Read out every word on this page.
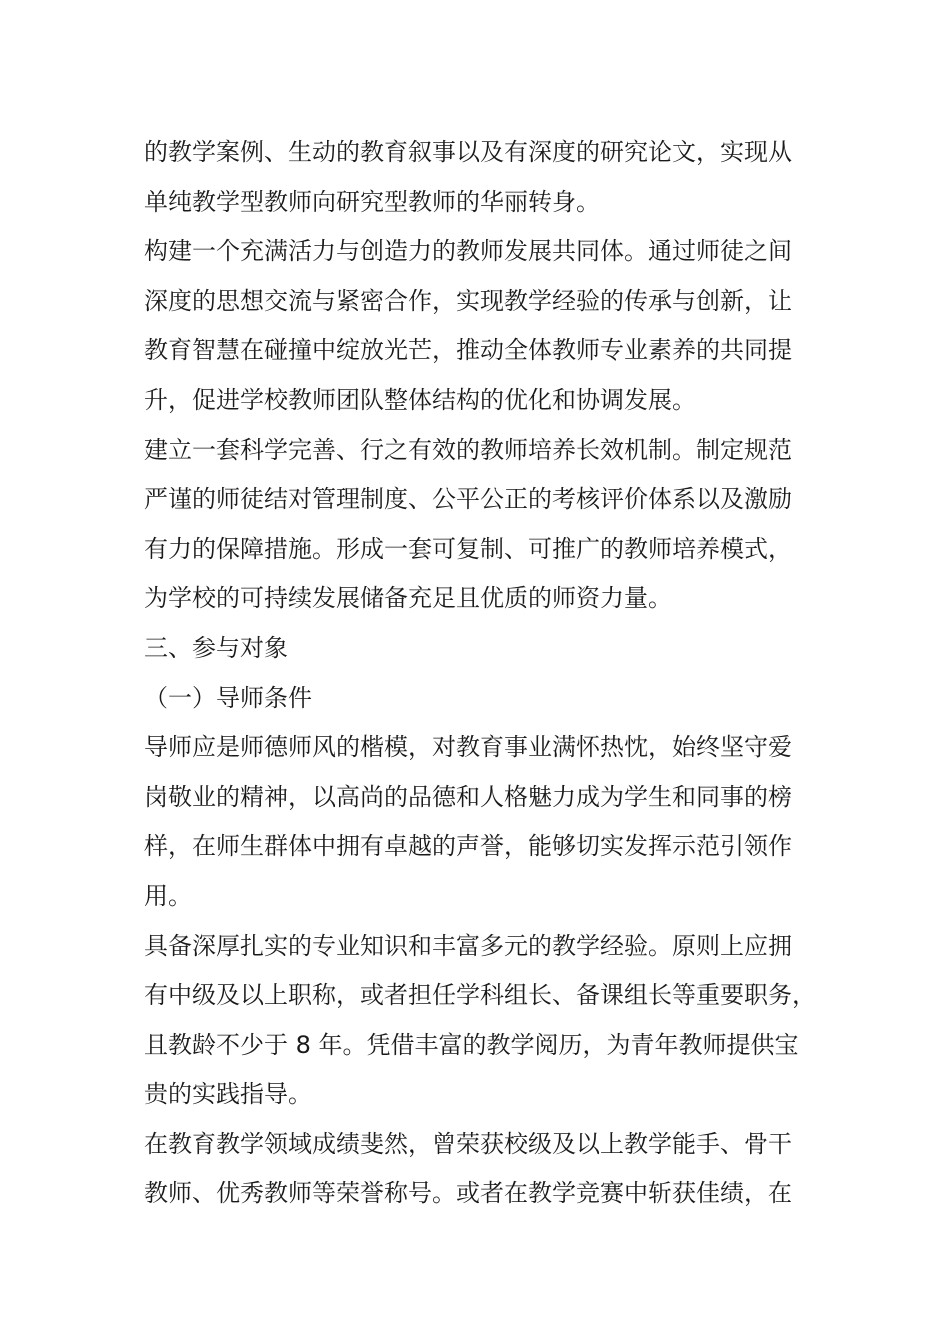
的教学案例、生动的教育叙事以及有深度的研究论文，实现从
单纯教学型教师向研究型教师的华丽转身。
构建一个充满活力与创造力的教师发展共同体。通过师徒之间
深度的思想交流与紧密合作，实现教学经验的传承与创新，让
教育智慧在碰撞中绽放光芒，推动全体教师专业素养的共同提
升，促进学校教师团队整体结构的优化和协调发展。
建立一套科学完善、行之有效的教师培养长效机制。制定规范
严谨的师徒结对管理制度、公平公正的考核评价体系以及激励
有力的保障措施。形成一套可复制、可推广的教师培养模式，
为学校的可持续发展储备充足且优质的师资力量。
三、参与对象
（一）导师条件
导师应是师德师风的楷模，对教育事业满怀热忱，始终坚守爱
岗敬业的精神，以高尚的品德和人格魅力成为学生和同事的榜
样，在师生群体中拥有卓越的声誉，能够切实发挥示范引领作
用。
具备深厚扎实的专业知识和丰富多元的教学经验。原则上应拥
有中级及以上职称，或者担任学科组长、备课组长等重要职务，
且教龄不少于 8 年。凭借丰富的教学阅历，为青年教师提供宝
贵的实践指导。
在教育教学领域成绩斐然，曾荣获校级及以上教学能手、骨干
教师、优秀教师等荣誉称号。或者在教学竞赛中斩获佳绩，在
